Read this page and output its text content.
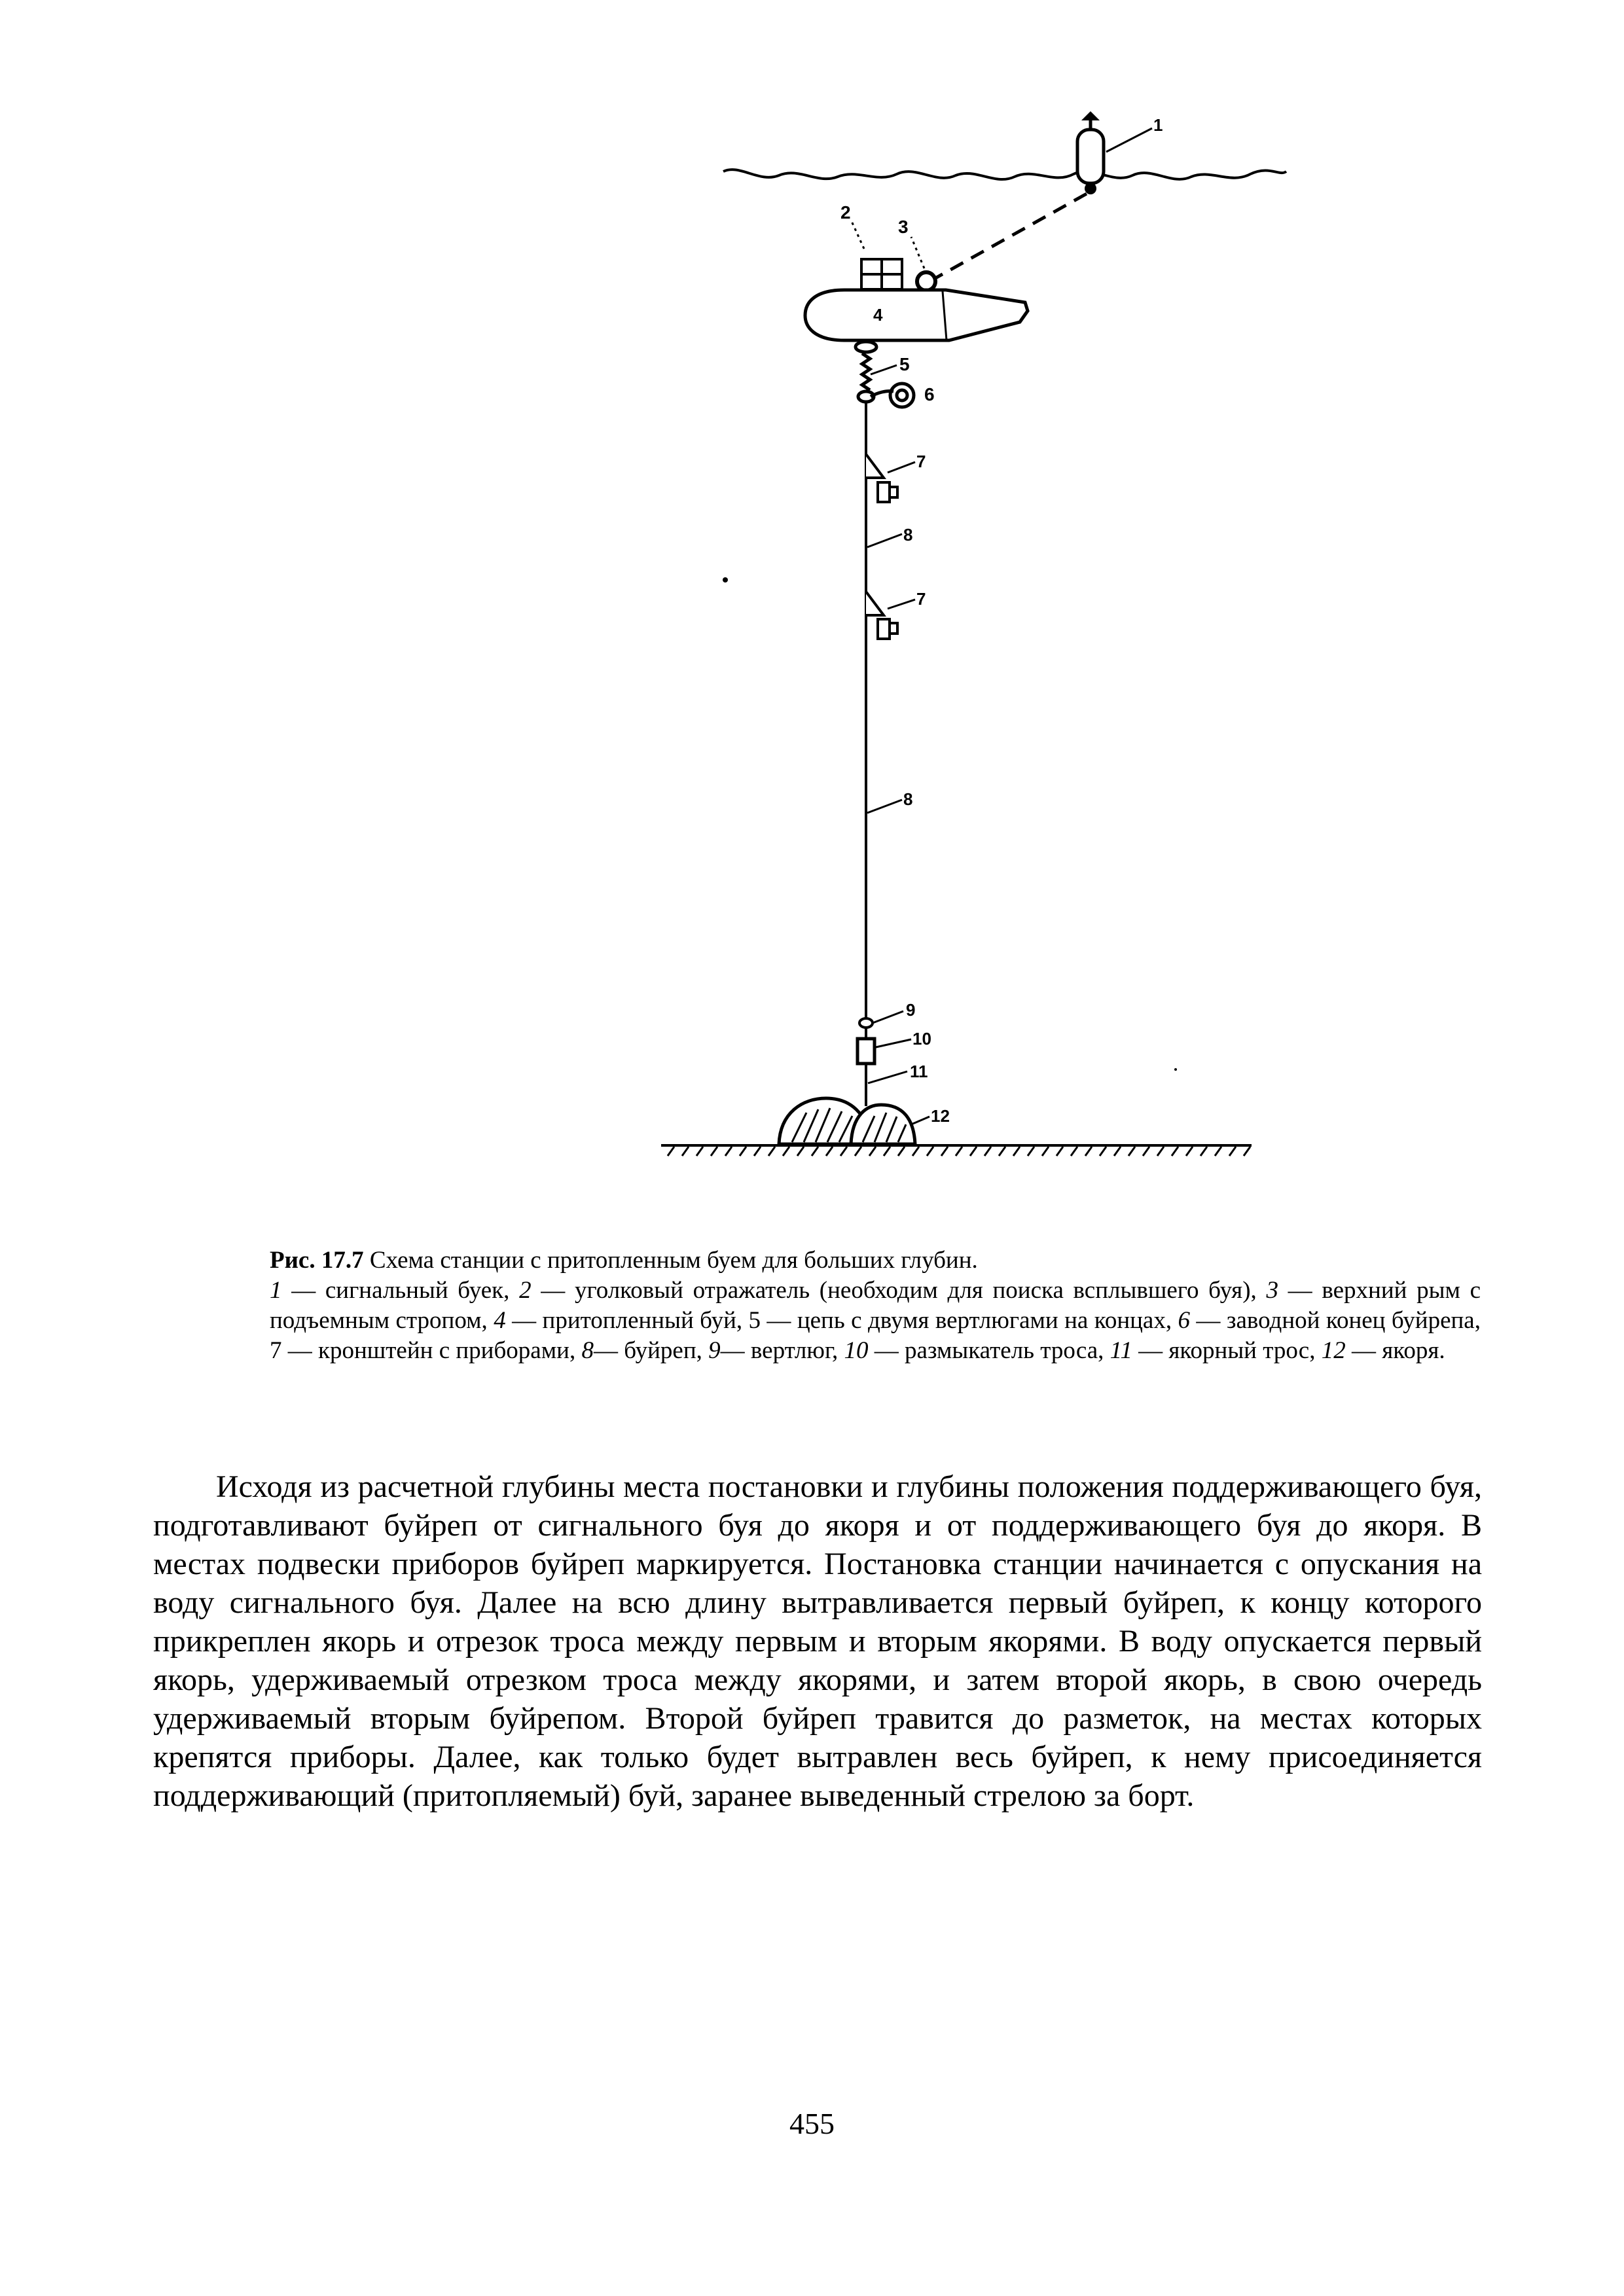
1
2
3
4
5
6
7
8
7
8
9
10
11
12

Рис. 17.7 Схема станции с притопленным буем для больших глубин.

1 — сигнальный буек, 2 — уголковый отражатель (необходим для поиска всплывшего буя), 3 — верхний рым с подъемным стропом, 4 — притопленный буй, 5 — цепь с двумя вертлюгами на концах, 6 — заводной конец буйрепа, 7 — кронштейн с приборами, 8— буйреп, 9— вертлюг, 10 — размыкатель троса, 11 — якорный трос, 12 — якоря.

Исходя из расчетной глубины места постановки и глубины положения поддерживающего буя, подготавливают буйреп от сигнального буя до якоря и от поддерживающего буя до якоря. В местах подвески приборов буйреп маркируется. Постановка станции начинается с опускания на воду сигнального буя. Далее на всю длину вытравливается первый буйреп, к концу которого прикреплен якорь и отрезок троса между первым и вторым якорями. В воду опускается первый якорь, удерживаемый отрезком троса между якорями, и затем второй якорь, в свою очередь удерживаемый вторым буйрепом. Второй буйреп травится до разметок, на местах которых крепятся приборы. Далее, как только будет вытравлен весь буйреп, к нему присоединяется поддерживающий (притопляемый) буй, заранее выведенный стрелою за борт.

455
